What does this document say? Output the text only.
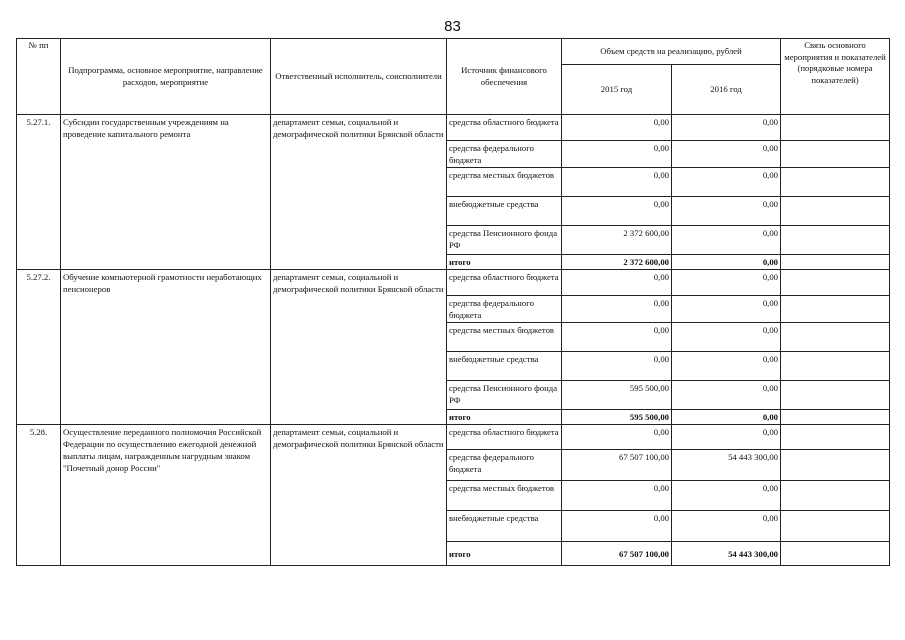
83
№ пп	Подпрограмма, основное мероприятие, направление расходов, мероприятие	Ответственный исполнитель, соисполнители	Источник финансового обеспечения	Объем средств на реализацию, рублей		Связь основного мероприятия и показателей (порядковые номера показателей)
				2015 год	2016 год	
5.27.1.	Субсидии государственным учреждениям на проведение капитального ремонта	департамент семьи, социальной и демографической политики Брянской области	средства областного бюджета	0,00	0,00	
			средства федерального бюджета	0,00	0,00	
			средства местных бюджетов	0,00	0,00	
			внебюджетные средства	0,00	0,00	
			средства Пенсионного фонда РФ	2 372 600,00	0,00	
			итого	2 372 600,00	0,00	
5.27.2.	Обучение компьютерной грамотности неработающих пенсионеров	департамент семьи, социальной и демографической политики Брянской области	средства областного бюджета	0,00	0,00	
			средства федерального бюджета	0,00	0,00	
			средства местных бюджетов	0,00	0,00	
			внебюджетные средства	0,00	0,00	
			средства Пенсионного фонда РФ	595 500,00	0,00	
			итого	595 500,00	0,00	
5.28.	Осуществление переданного полномочия Российской Федерации по осуществлению ежегодной денежной выплаты лицам, награжденным нагрудным знаком "Почетный донор России"	департамент семьи, социальной и демографической политики Брянской области	средства областного бюджета	0,00	0,00	
			средства федерального бюджета	67 507 100,00	54 443 300,00	
			средства местных бюджетов	0,00	0,00	
			внебюджетные средства	0,00	0,00	
			итого	67 507 100,00	54 443 300,00	
